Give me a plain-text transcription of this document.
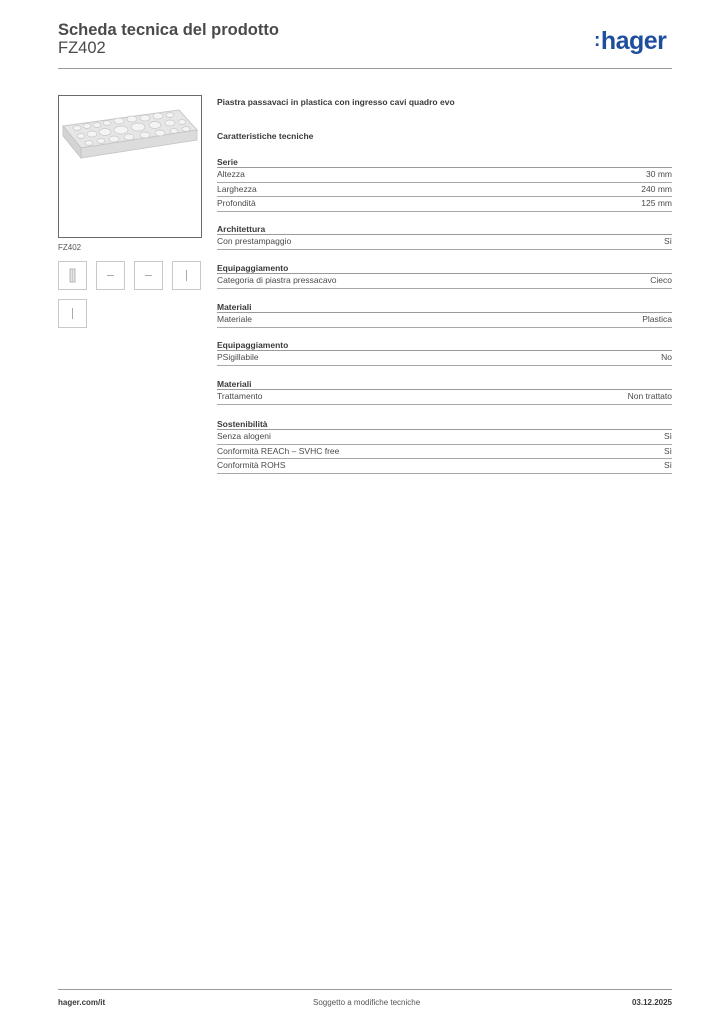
Scheda tecnica del prodotto
FZ402	:hager
FZ402
Piastra passavaci in plastica con ingresso cavi quadro evo
Caratteristiche tecniche
Serie
Altezza	30 mm
Larghezza	240 mm
Profondità	125 mm
Architettura
Con prestampaggio	Sì
Equipaggiamento
Categoria di piastra pressacavo	Cieco
Materiali
Materiale	Plastica
Equipaggiamento
PSigillabile	No
Materiali
Trattamento	Non trattato
Sostenibilità
Senza alogeni	Sì
Conformità REACh – SVHC free	Sì
Conformità ROHS	Sì
hager.com/it	Soggetto a modifiche tecniche	03.12.2025
